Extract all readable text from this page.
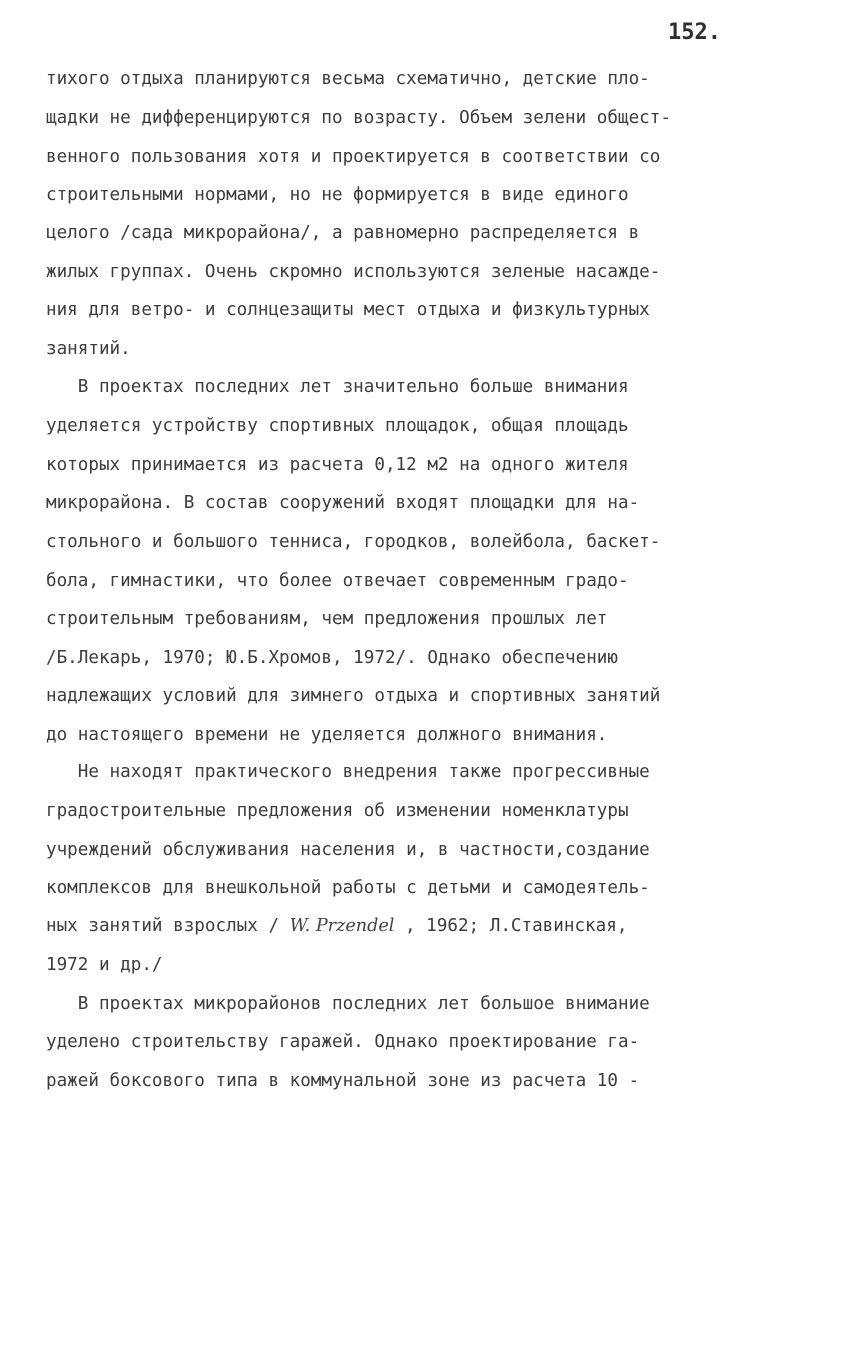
152.
тихого отдыха планируются весьма схематично, детские пло-
щадки не дифференцируются по возрасту. Объем зелени общест-
венного пользования хотя и проектируется в соответствии со
строительными нормами, но не формируется в виде единого
целого /сада микрорайона/, а равномерно распределяется в
жилых группах. Очень скромно используются зеленые насажде-
ния для ветро- и солнцезащиты мест отдыха и физкультурных
занятий.
В проектах последних лет значительно больше внимания
уделяется устройству спортивных площадок, общая площадь
которых принимается из расчета 0,12 м2 на одного жителя
микрорайона. В состав сооружений входят площадки для на-
стольного и большого тенниса, городков, волейбола, баскет-
бола, гимнастики, что более отвечает современным градо-
строительным требованиям, чем предложения прошлых лет
/Б.Лекарь, 1970; Ю.Б.Хромов, 1972/. Однако обеспечению
надлежащих условий для зимнего отдыха и спортивных занятий
до настоящего времени не уделяется должного внимания.
Не находят практического внедрения также прогрессивные
градостроительные предложения об изменении номенклатуры
учреждений обслуживания населения и, в частности,создание
комплексов для внешкольной работы с детьми и самодеятель-
ных занятий взрослых / W. Przendel , 1962; Л.Ставинская,
1972 и др./
В проектах микрорайонов последних лет большое внимание
уделено строительству гаражей. Однако проектирование га-
ражей боксового типа в коммунальной зоне из расчета 10 -
